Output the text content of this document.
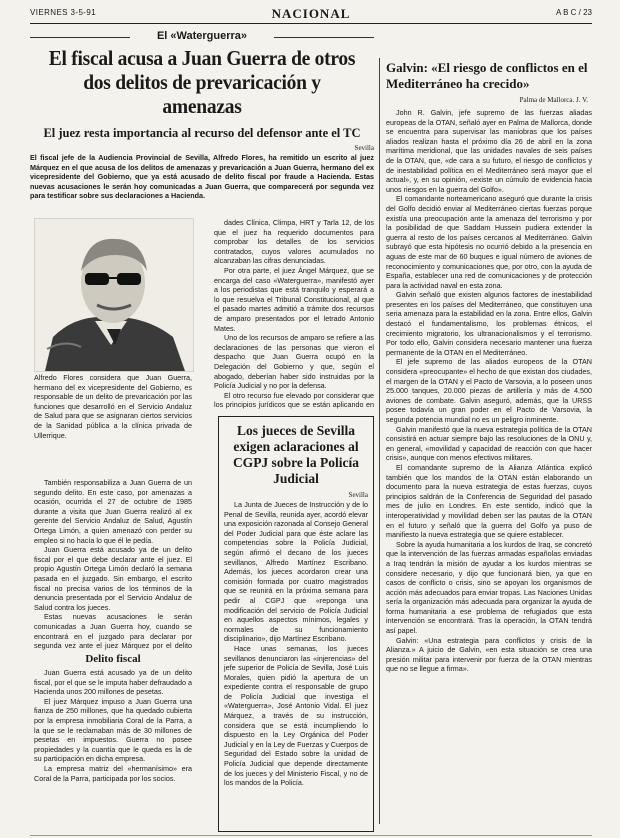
VIERNES 3-5-91	NACIONAL	A B C / 23
El «Waterguerra»
El fiscal acusa a Juan Guerra de otros dos delitos de prevaricación y amenazas
El juez resta importancia al recurso del defensor ante el TC
Sevilla
El fiscal jefe de la Audiencia Provincial de Sevilla, Alfredo Flores, ha remitido un escrito al juez Márquez en el que acusa de los delitos de amenazas y prevaricación a Juan Guerra, hermano del ex vicepresidente del Gobierno, que ya está acusado de delito fiscal por fraude a Hacienda. Estas nuevas acusaciones le serán hoy comunicadas a Juan Guerra, que comparecerá por segunda vez para testificar sobre sus declaraciones a Hacienda.
Alfredo Flores considera que Juan Guerra, hermano del ex vicepresidente del Gobierno, es responsable de un delito de prevaricación por las funciones que desarrolló en el Servicio Andaluz de Salud para que se asignaran ciertos servicios de la Sanidad pública a la clínica privada de Ullerrique.

También responsabiliza a Juan Guerra de un segundo delito. En este caso, por amenazas a ocasión, ocurrida el 27 de octubre de 1985 durante a visita que Juan Guerra realizó al ex gerente del Servicio Andaluz de Salud, Agustín Ortega Limón, a quien amenazó con perder su empleo si no hacía lo que él le pedía.

Juan Guerra está acusado ya de un delito fiscal por el que debe declarar ante el juez. El propio Agustín Ortega Limón declaró la semana pasada en el juzgado. Sin embargo, el escrito fiscal no precisa varios de los términos de la denuncia presentada por el Servicio Andaluz de Salud contra los jueces.

Estas nuevas acusaciones le serán comunicadas a Juan Guerra hoy, cuando se encontrará en el juzgado para declarar por segunda vez ante el juez Márquez por el delito

Delito fiscal

Juan Guerra está acusado ya de un delito fiscal, por el que se le imputa haber defraudado a Hacienda unos 200 millones de pesetas.

El juez Márquez impuso a Juan Guerra una fianza de 250 millones, que ha quedado cubierta por la empresa inmobiliaria Coral de la Parra, a la que se le reclamaban más de 30 millones de pesetas en impuestos. Guerra no posee propiedades y la cuantía que le queda es la de su participación en dicha empresa.

La empresa matriz del «hermanísimo» era Coral de la Parra, participada por los socios.

dades Clínica, Climpa, HRT y Tarla 12, de los que el juez ha requerido documentos para comprobar los detalles de los servicios contratados, cuyos valores acumulados no alcanzaban las cifras denunciadas.

Por otra parte, el juez Ángel Márquez, que se encarga del caso «Waterguerra», manifestó ayer a los periodistas que está tranquilo y esperará a lo que resuelva el Tribunal Constitucional, al que el pasado martes admitió a trámite dos recursos de amparo presentados por el letrado Antonio Mates.

Uno de los recursos de amparo se refiere a las declaraciones de las personas que vieron el despacho que Juan Guerra ocupó en la Delegación del Gobierno y que, según el abogado, deberían haber sido instruidas por la Policía Judicial y no por la defensa.

El otro recurso fue elevado por considerar que los principios jurídicos que se están aplicando en

Los jueces de Sevilla exigen aclaraciones al CGPJ sobre la Policía Judicial
Sevilla

La Junta de Jueces de Instrucción y de lo Penal de Sevilla, reunida ayer, acordó elevar una exposición razonada al Consejo General del Poder Judicial para que éste aclare las competencias sobre la Policía Judicial, según afirmó el decano de los jueces sevillanos, Alfredo Martínez Escribano. Además, los jueces acordaron crear una comisión formada por cuatro magistrados que se reunirá en la próxima semana para pedir al CGPJ que «reponga una modificación del servicio de Policía Judicial en aquellos aspectos mínimos, legales y normales de su funcionamiento disciplinario», dijo Martínez Escribano.

Hace unas semanas, los jueces sevillanos denunciaron las «injerencias» del jefe superior de Policía de Sevilla, José Luis Morales, quien pidió la apertura de un expediente contra el responsable de grupo de Policía Judicial que investiga el «Waterguerra», José Antonio Vidal. El juez Márquez, a través de su instrucción, considera que se está incumpliendo lo dispuesto en la Ley Orgánica del Poder Judicial y en la Ley de Fuerzas y Cuerpos de Seguridad del Estado sobre la unidad de Policía Judicial que depende directamente de los jueces y del Ministerio Fiscal, y no de los mandos de la Policía.

Galvin: «El riesgo de conflictos en el Mediterráneo ha crecido»
Palma de Mallorca. J. V.

John R. Galvin, jefe supremo de las fuerzas aliadas europeas de la OTAN, señaló ayer en Palma de Mallorca, donde se encuentra para supervisar las maniobras que los países aliados realizan hasta el próximo día 26 de abril en la zona marítima meridional, que las unidades navales de seis países de la OTAN, que, «de cara a su futuro, el riesgo de conflictos y de inestabilidad política en el Mediterráneo será mayor que el actual», y, en su opinión, «existe un cúmulo de evidencia hacia unos riesgos en la guerra del Golfo».

El comandante norteamericano aseguró que durante la crisis del Golfo decidió enviar al Mediterráneo ciertas fuerzas porque existía una preocupación ante la amenaza del terrorismo y por la posibilidad de que Saddam Hussein pudiera extender la guerra al resto de los países cercanos al Mediterráneo. Galvin subrayó que esta hipótesis no ocurrió debido a la presencia en aguas de este mar de 60 buques e igual número de aviones de reconocimiento y comunicaciones que, por otro, con la ayuda de España, establecer una red de comunicaciones y de protección para la actividad naval en esta zona.

Galvin señaló que existen algunos factores de inestabilidad presentes en los países del Mediterráneo, que constituyen una seria amenaza para la estabilidad en la zona. Entre ellos, Galvin destacó el fundamentalismo, los problemas étnicos, el crecimiento migratorio, los ultranacionalismos y el terrorismo. Por todo ello, Galvin considera necesario mantener una fuerza permanente de la OTAN en el Mediterráneo.

El jefe supremo de las aliados europeos de la OTAN considera «preocupante» el hecho de que existan dos ciudades, el margen de la OTAN y el Pacto de Varsovia, a lo poseen unos 25.000 tanques, 20.000 piezas de artillería y más de 4.500 aviones de combate. Galvin aseguró, además, que la URSS posee todavía un gran poder en el Pacto de Varsovia, la segunda potencia mundial no es un peligro inminente.

Galvin manifestó que la nueva estrategia política de la OTAN consistirá en actuar siempre bajo las resoluciones de la ONU y, en general, «movilidad y capacidad de reacción con que hacer crisis», aunque con menos efectivos militares.

El comandante supremo de la Alianza Atlántica explicó también que los mandos de la OTAN están elaborando un documento para la nueva estrategia de estas fuerzas, cuyos principios saldrán de la Conferencia de Seguridad del pasado mes de julio en Londres. En este sentido, indicó que la interoperatividad y movilidad deben ser las pautas de la OTAN en el futuro y señaló que la guerra del Golfo ya puso de manifiesto la nueva estrategia que se quiere establecer.

Sobre la ayuda humanitaria a los kurdos de Iraq, se concretó que la intervención de las fuerzas armadas españolas enviadas a Iraq tendrán la misión de ayudar a los kurdos mientras se considere necesario, y dijo que funcionará bien, ya que en casos de conflicto o crisis, sino se apoyan los organismos de acción más adecuados para enviar tropas. Las Naciones Unidas sería la organización más adecuada para organizar la ayuda de forma humanitaria a ese problema de refugiados que esta intervención se encontrará. Tras la operación, la OTAN tendrá así papel.

Galvin: «Una estrategia para conflictos y crisis de la Alianza.» A juicio de Galvin, «en esta situación se crea una presión militar para intervenir por fuerza de la OTAN mientras que no se llegue a firma».
